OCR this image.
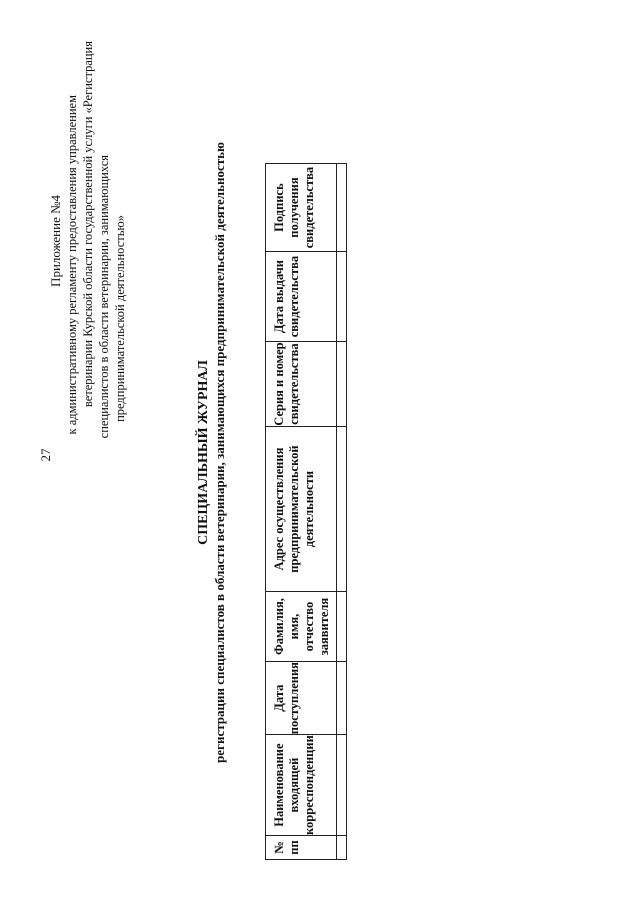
27
Приложение №4 к административному регламенту предоставления управлением ветеринарии Курской области государственной услуги «Регистрация специалистов в области ветеринарии, занимающихся предпринимательской деятельностью»
СПЕЦИАЛЬНЫЙ ЖУРНАЛ регистрации специалистов в области ветеринарии, занимающихся предпринимательской деятельностью
№ пп	Наименование входящей корреспонденции	Дата поступления	Фамилия, имя, отчество заявителя	Адрес осуществления предпринимательской деятельности	Серия и номер свидетельства	Дата выдачи свидетельства	Подпись получения свидетельства
